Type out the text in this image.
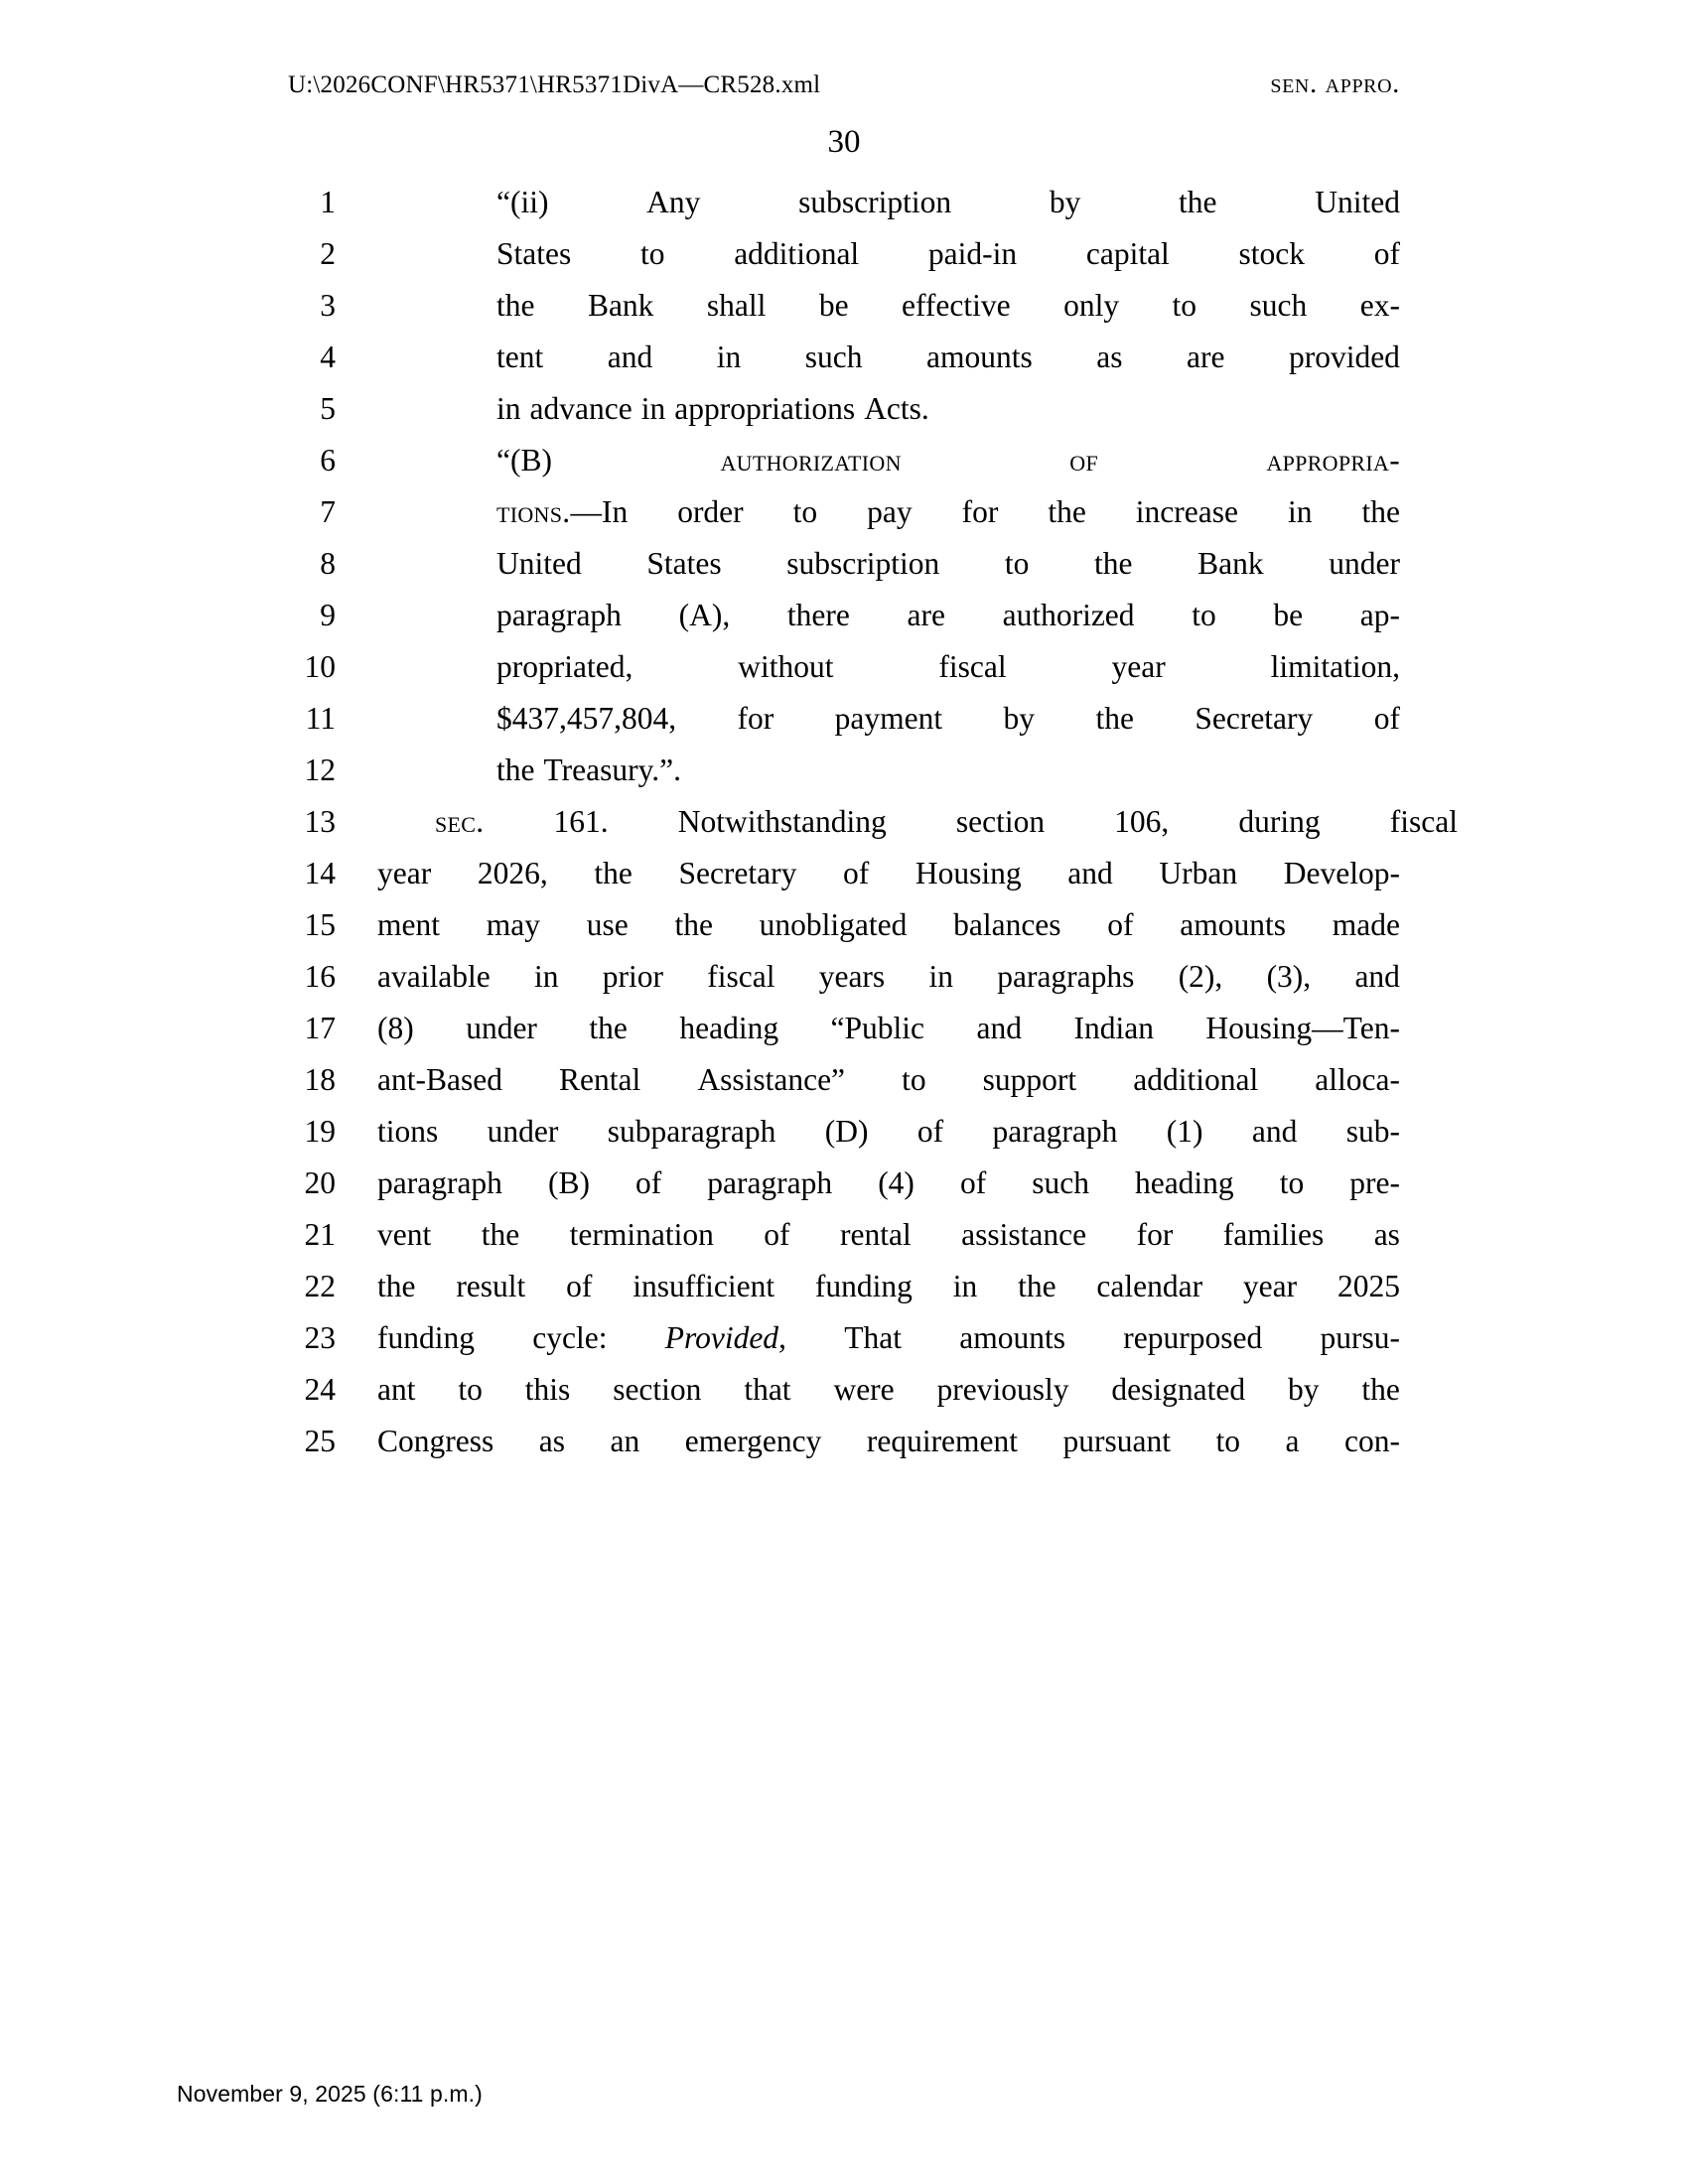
U:\2026CONF\HR5371\HR5371DivA—CR528.xml	sen. appro.
30
1	“(ii)	Any	subscription	by	the	United
2	States to additional paid-in capital stock of
3	the Bank shall be effective only to such ex-
4	tent and in such amounts as are provided
5	in advance in appropriations Acts.
6	“(B)	authorization	of	appropria-
7	tions.—In order to pay for the increase in the
8	United States subscription to the Bank under
9	paragraph (A), there are authorized to be ap-
10	propriated,	without	fiscal	year	limitation,
11	$437,457,804, for payment by the Secretary of
12	the Treasury.”.
13	sec. 161. Notwithstanding section 106, during fiscal
14 year 2026, the Secretary of Housing and Urban Develop-
15 ment may use the unobligated balances of amounts made
16 available in prior fiscal years in paragraphs (2), (3), and
17 (8) under the heading “Public and Indian Housing—Ten-
18 ant-Based Rental Assistance” to support additional alloca-
19 tions under subparagraph (D) of paragraph (1) and sub-
20 paragraph (B) of paragraph (4) of such heading to pre-
21 vent the termination of rental assistance for families as
22 the result of insufficient funding in the calendar year 2025
23 funding cycle: Provided, That amounts repurposed pursu-
24 ant to this section that were previously designated by the
25 Congress as an emergency requirement pursuant to a con-
November 9, 2025 (6:11 p.m.)
